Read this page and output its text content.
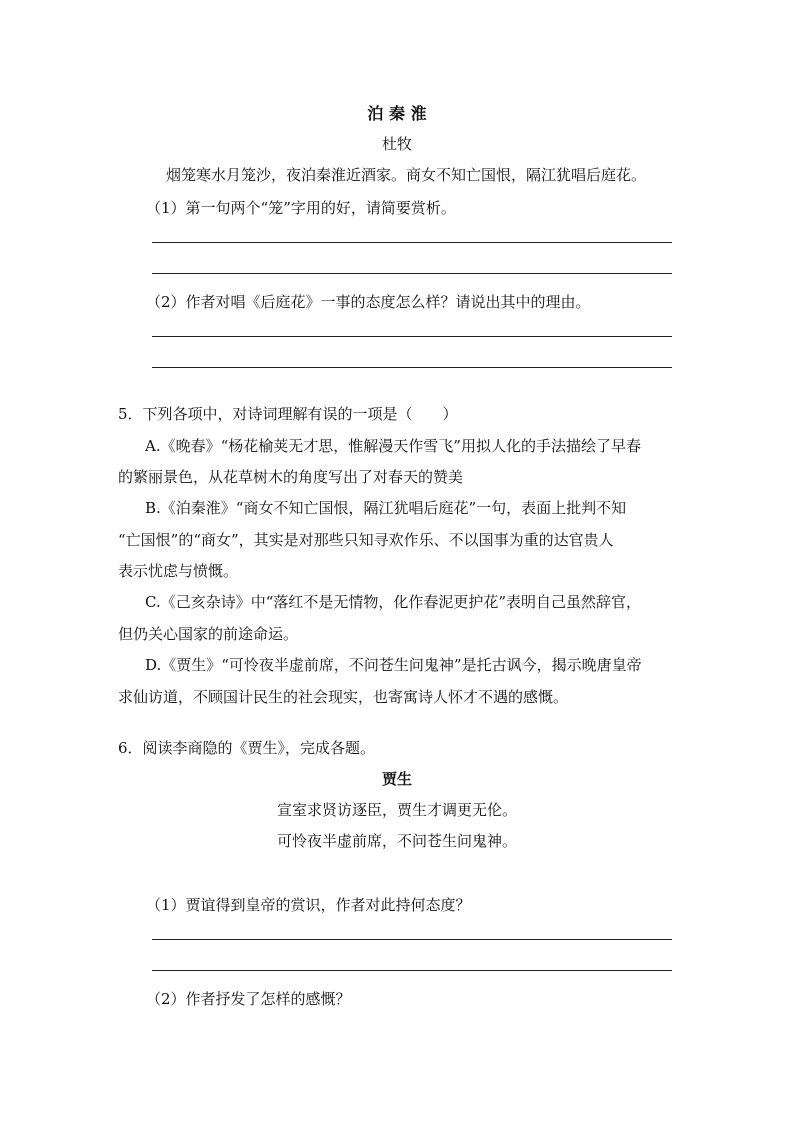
泊 秦 淮
杜牧
烟笼寒水月笼沙，夜泊秦淮近酒家。商女不知亡国恨，隔江犹唱后庭花。
（1）第一句两个“笼”字用的好，请简要赏析。
（2）作者对唱《后庭花》一事的态度怎么样？请说出其中的理由。
5．下列各项中，对诗词理解有误的一项是（　　）
A.《晚春》“杨花榆荚无才思，惟解漫天作雪飞”用拟人化的手法描绘了早春
的繁丽景色，从花草树木的角度写出了对春天的赞美
B.《泊秦淮》“商女不知亡国恨，隔江犹唱后庭花”一句，表面上批判不知
“亡国恨”的“商女”，其实是对那些只知寻欢作乐、不以国事为重的达官贵人
表示忧虑与愤慨。
C.《己亥杂诗》中“落红不是无情物，化作春泥更护花”表明自己虽然辞官，
但仍关心国家的前途命运。
D.《贾生》“可怜夜半虚前席，不问苍生问鬼神”是托古讽今，揭示晚唐皇帝
求仙访道，不顾国计民生的社会现实，也寄寓诗人怀才不遇的感慨。
6．阅读李商隐的《贾生》，完成各题。
贾生
宣室求贤访逐臣，贾生才调更无伦。
可怜夜半虚前席，不问苍生问鬼神。
（1）贾谊得到皇帝的赏识，作者对此持何态度？
（2）作者抒发了怎样的感慨？
